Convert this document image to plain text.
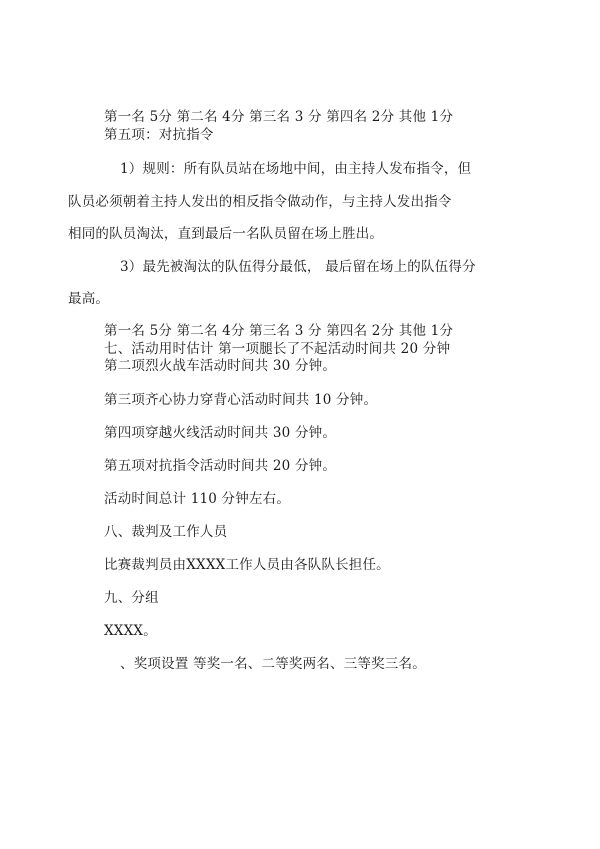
第一名 5分 第二名 4分 第三名 3 分 第四名 2分 其他 1分
第五项：对抗指令
1）规则：所有队员站在场地中间，由主持人发布指令，但
队员必须朝着主持人发出的相反指令做动作，与主持人发出指令
相同的队员淘汰，直到最后一名队员留在场上胜出。
3）最先被淘汰的队伍得分最低， 最后留在场上的队伍得分
最高。
第一名 5分 第二名 4分 第三名 3 分 第四名 2分 其他 1分
七、活动用时估计 第一项腿长了不起活动时间共 20 分钟
第二项烈火战车活动时间共 30 分钟。
第三项齐心协力穿背心活动时间共 10 分钟。
第四项穿越火线活动时间共 30 分钟。
第五项对抗指令活动时间共 20 分钟。
活动时间总计 110 分钟左右。
八、裁判及工作人员
比赛裁判员由XXXX工作人员由各队队长担任。
九、分组
XXXX。
、奖项设置 等奖一名、二等奖两名、三等奖三名。
